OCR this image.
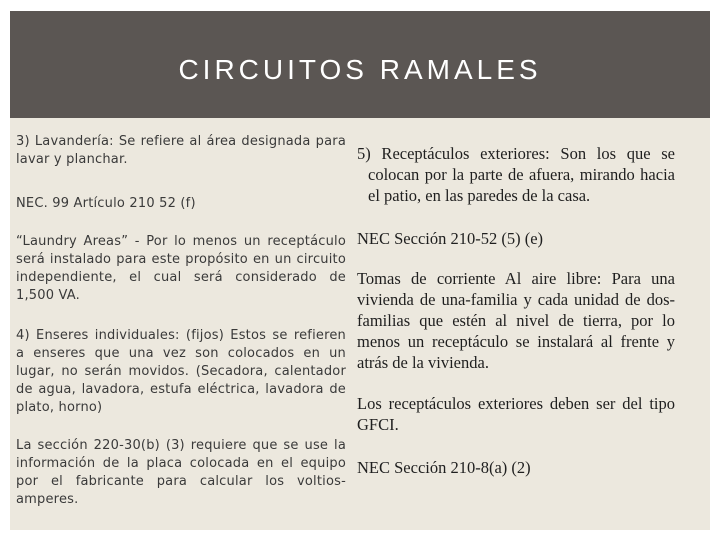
CIRCUITOS RAMALES

3) Lavandería: Se refiere al área designada para lavar y planchar.

NEC. 99 Artículo 210 52 (f)

“Laundry Areas” - Por lo menos un receptáculo será instalado para este propósito en un circuito independiente, el cual será considerado de 1,500 VA.

4) Enseres individuales: (fijos) Estos se refieren a enseres que una vez son colocados en un lugar, no serán movidos. (Secadora, calentador de agua, lavadora, estufa eléctrica, lavadora de plato, horno)

La sección 220-30(b) (3) requiere que se use la información de la placa colocada en el equipo por el fabricante para calcular los voltios-amperes.

5) Receptáculos exteriores: Son los que se colocan por la parte de afuera, mirando hacia el patio, en las paredes de la casa.

NEC Sección 210-52 (5) (e)

Tomas de corriente Al aire libre: Para una vivienda de una-familia y cada unidad de dos-familias que estén al nivel de tierra, por lo menos un receptáculo se instalará al frente y atrás de la vivienda.

Los receptáculos exteriores deben ser del tipo GFCI.

NEC Sección 210-8(a) (2)
